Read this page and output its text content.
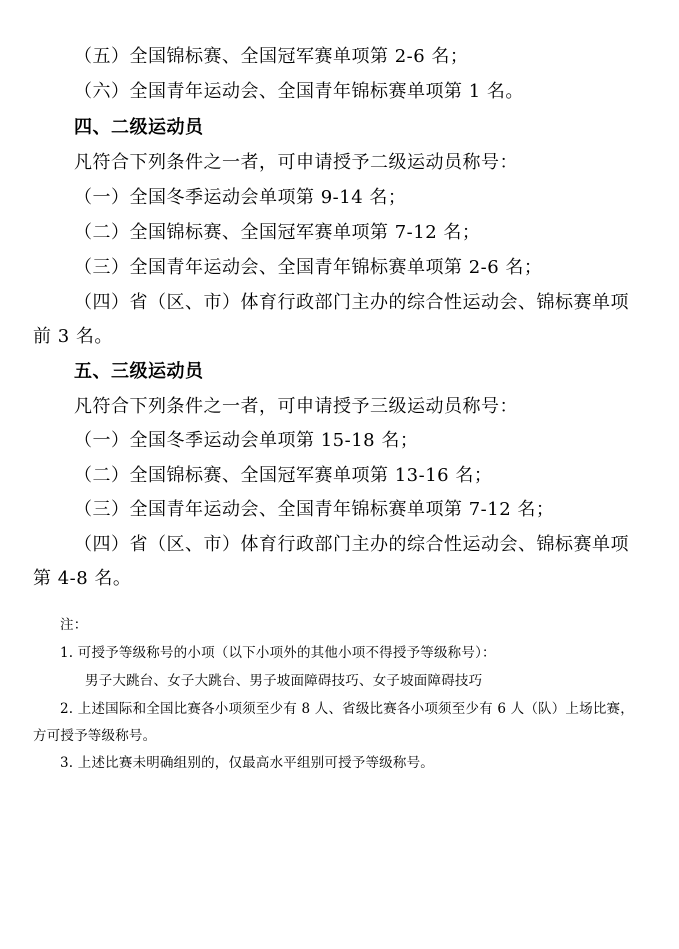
（五）全国锦标赛、全国冠军赛单项第 2-6 名；
（六）全国青年运动会、全国青年锦标赛单项第 1 名。
四、二级运动员
凡符合下列条件之一者，可申请授予二级运动员称号：
（一）全国冬季运动会单项第 9-14 名；
（二）全国锦标赛、全国冠军赛单项第 7-12 名；
（三）全国青年运动会、全国青年锦标赛单项第 2-6 名；
（四）省（区、市）体育行政部门主办的综合性运动会、锦标赛单项
前 3 名。
五、三级运动员
凡符合下列条件之一者，可申请授予三级运动员称号：
（一）全国冬季运动会单项第 15-18 名；
（二）全国锦标赛、全国冠军赛单项第 13-16 名；
（三）全国青年运动会、全国青年锦标赛单项第 7-12 名；
（四）省（区、市）体育行政部门主办的综合性运动会、锦标赛单项
第 4-8 名。
注：
1. 可授予等级称号的小项（以下小项外的其他小项不得授予等级称号）：
男子大跳台、女子大跳台、男子坡面障碍技巧、女子坡面障碍技巧
2. 上述国际和全国比赛各小项须至少有 8 人、省级比赛各小项须至少有 6 人（队）上场比赛，
方可授予等级称号。
3. 上述比赛未明确组别的，仅最高水平组别可授予等级称号。
